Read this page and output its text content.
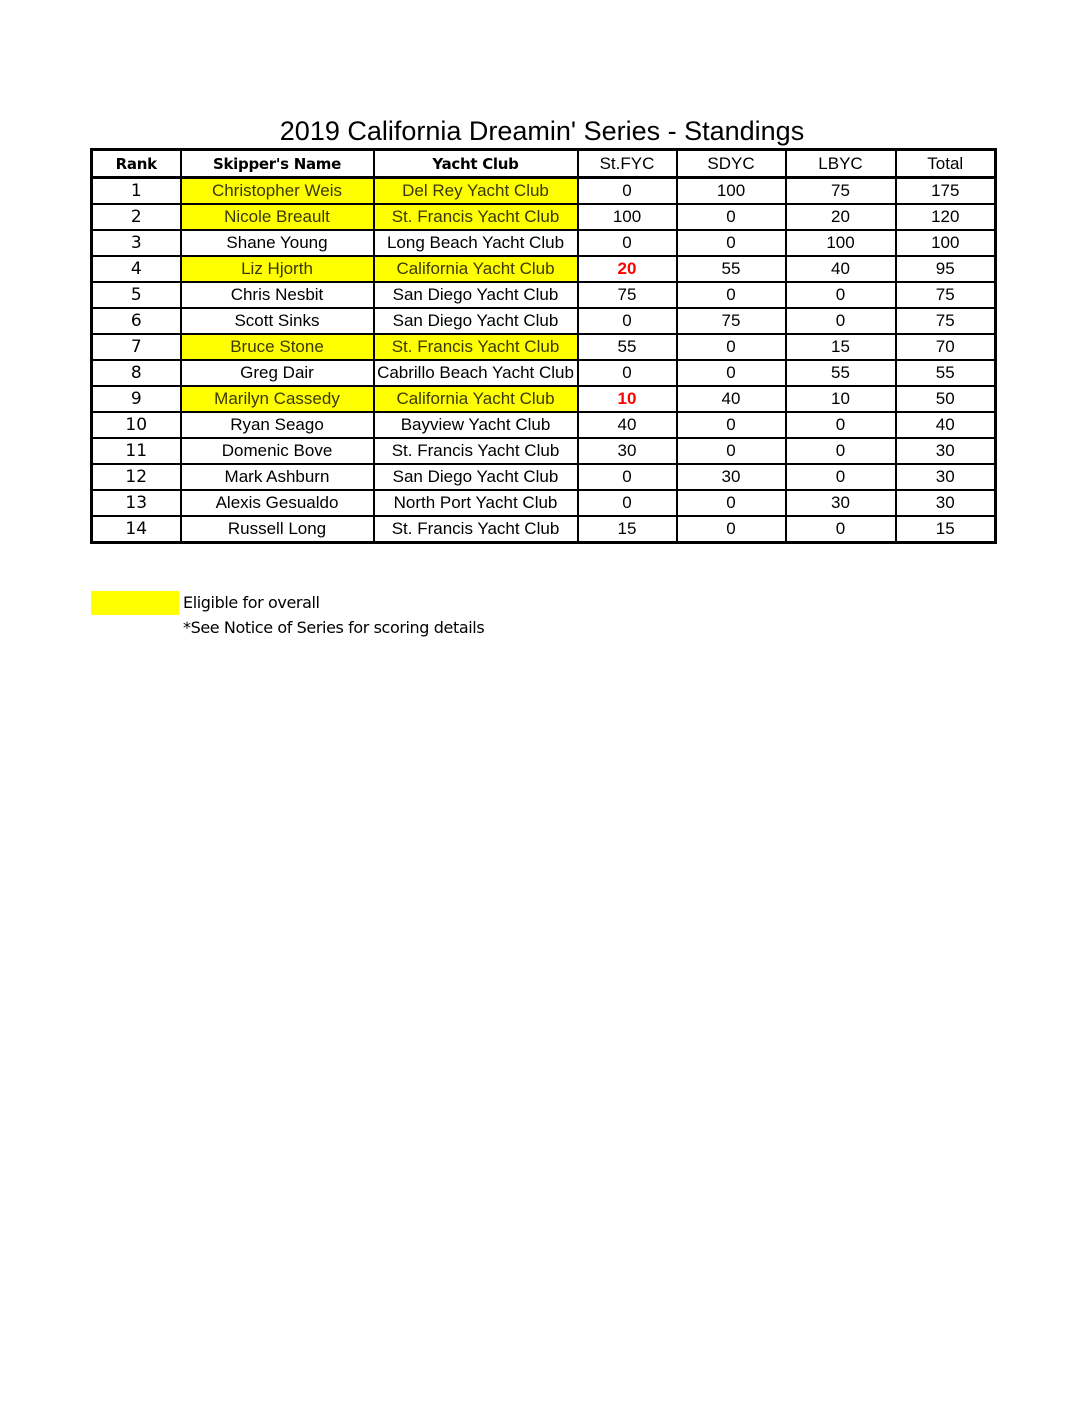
2019 California Dreamin' Series - Standings
Rank	Skipper's Name	Yacht Club	St.FYC	SDYC	LBYC	Total
1	Christopher Weis	Del Rey Yacht Club	0	100	75	175
2	Nicole Breault	St. Francis Yacht Club	100	0	20	120
3	Shane Young	Long Beach Yacht Club	0	0	100	100
4	Liz Hjorth	California Yacht Club	20	55	40	95
5	Chris Nesbit	San Diego Yacht Club	75	0	0	75
6	Scott Sinks	San Diego Yacht Club	0	75	0	75
7	Bruce Stone	St. Francis Yacht Club	55	0	15	70
8	Greg Dair	Cabrillo Beach Yacht Club	0	0	55	55
9	Marilyn Cassedy	California Yacht Club	10	40	10	50
10	Ryan Seago	Bayview Yacht Club	40	0	0	40
11	Domenic Bove	St. Francis Yacht Club	30	0	0	30
12	Mark Ashburn	San Diego Yacht Club	0	30	0	30
13	Alexis Gesualdo	North Port Yacht Club	0	0	30	30
14	Russell Long	St. Francis Yacht Club	15	0	0	15
Eligible for overall
*See Notice of Series for scoring details
